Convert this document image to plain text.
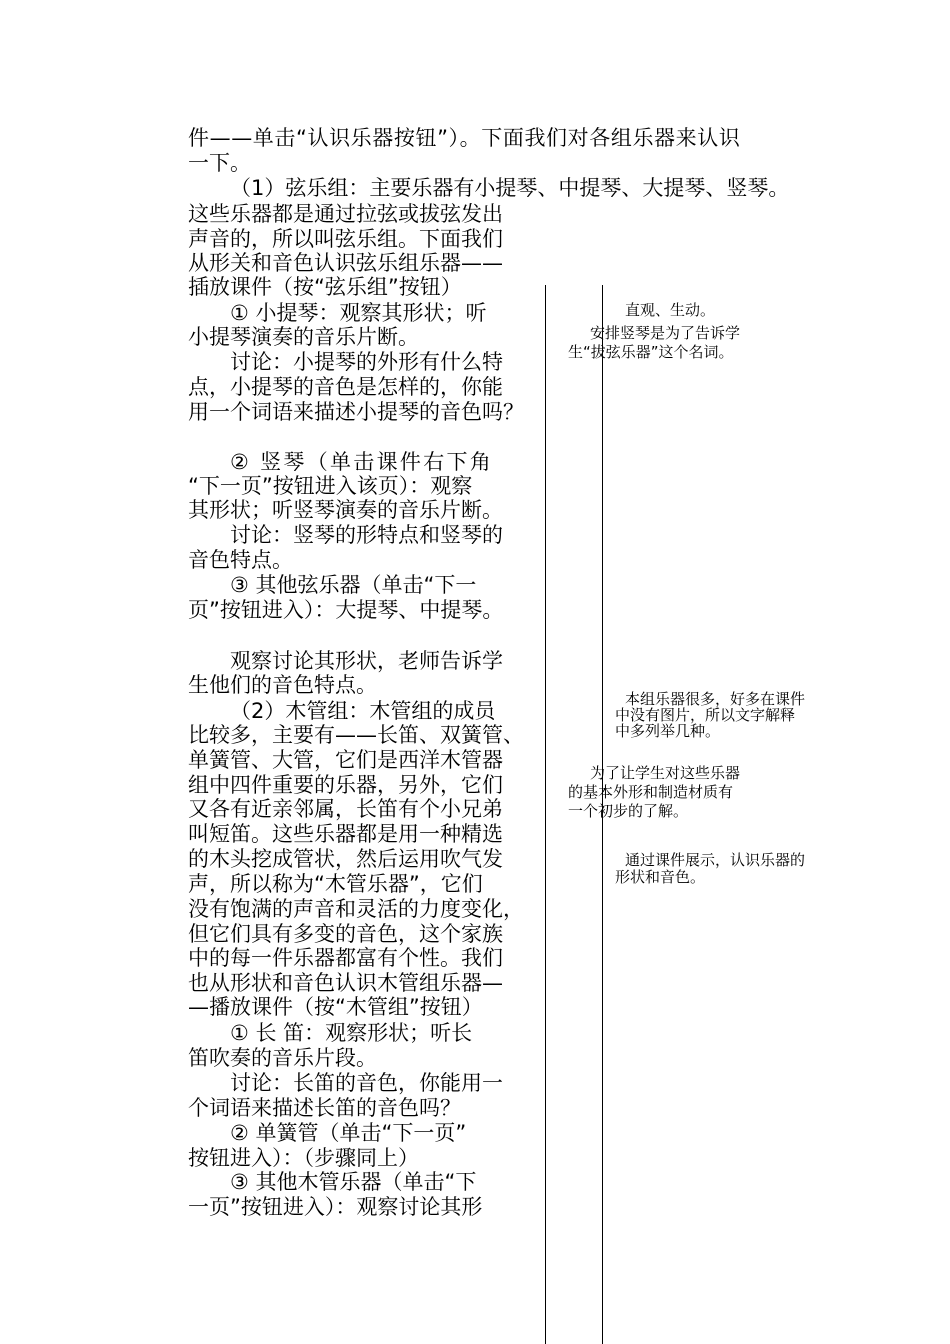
件——单击“认识乐器按钮”）。下面我们对各组乐器来认识
一下。
（1）弦乐组：主要乐器有小提琴、中提琴、大提琴、竖琴。
这些乐器都是通过拉弦或拔弦发出
声音的，所以叫弦乐组。下面我们
从形关和音色认识弦乐组乐器——
插放课件（按“弦乐组”按钮）
① 小提琴：观察其形状；听
小提琴演奏的音乐片断。
讨论：小提琴的外形有什么特
点，小提琴的音色是怎样的，你能
用一个词语来描述小提琴的音色吗？
② 竖琴（单击课件右下角
“下一页”按钮进入该页）：观察
其形状；听竖琴演奏的音乐片断。
讨论：竖琴的形特点和竖琴的
音色特点。
③ 其他弦乐器（单击“下一
页”按钮进入）：大提琴、中提琴。
观察讨论其形状，老师告诉学
生他们的音色特点。
（2）木管组：木管组的成员
比较多，主要有——长笛、双簧管、
单簧管、大管，它们是西洋木管器
组中四件重要的乐器，另外，它们
又各有近亲邻属，长笛有个小兄弟
叫短笛。这些乐器都是用一种精选
的木头挖成管状，然后运用吹气发
声，所以称为“木管乐器”，它们
没有饱满的声音和灵活的力度变化，
但它们具有多变的音色，这个家族
中的每一件乐器都富有个性。我们
也从形状和音色认识木管组乐器—
—播放课件（按“木管组”按钮）
① 长 笛：观察形状；听长
笛吹奏的音乐片段。
讨论：长笛的音色，你能用一
个词语来描述长笛的音色吗？
② 单簧管（单击“下一页”
按钮进入）：（步骤同上）
③ 其他木管乐器（单击“下
一页”按钮进入）：观察讨论其形
直观、生动。
安排竖琴是为了告诉学
生“拔弦乐器”这个名词。
本组乐器很多，好多在课件
中没有图片，所以文字解释
中多列举几种。
为了让学生对这些乐器
的基本外形和制造材质有
一个初步的了解。
通过课件展示，认识乐器的
形状和音色。
